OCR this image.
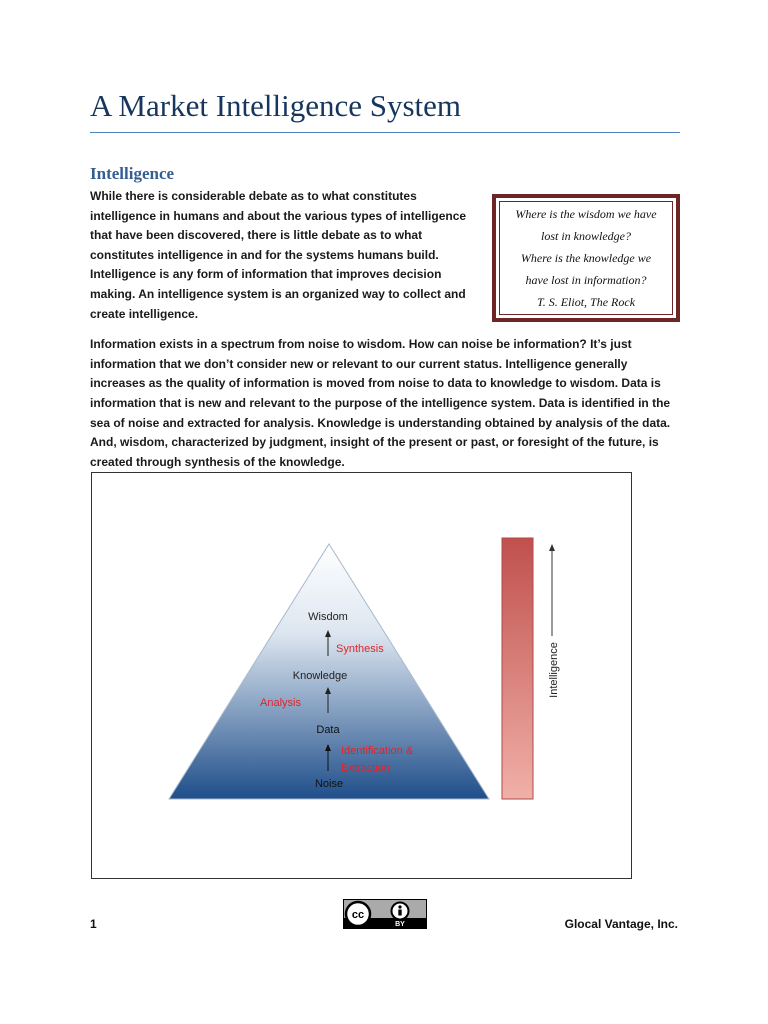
A Market Intelligence System
Intelligence
Where is the wisdom we have
lost in knowledge?
Where is the knowledge we
have lost in information?
T. S. Eliot, The Rock

While there is considerable debate as to what constitutes intelligence in humans and about the various types of intelligence that have been discovered, there is little debate as to what constitutes intelligence in and for the systems humans build. Intelligence is any form of information that improves decision making. An intelligence system is an organized way to collect and create intelligence.

Information exists in a spectrum from noise to wisdom. How can noise be information? It’s just information that we don’t consider new or relevant to our current status. Intelligence generally increases as the quality of information is moved from noise to data to knowledge to wisdom. Data is information that is new and relevant to the purpose of the intelligence system. Data is identified in the sea of noise and extracted for analysis. Knowledge is understanding obtained by analysis of the data. And, wisdom, characterized by judgment, insight of the present or past, or foresight of the future, is created through synthesis of the knowledge.

Wisdom
Synthesis
Knowledge
Analysis
Data
Identification &
Extraction
Noise
Intelligence
1
cc
BY	Glocal Vantage, Inc.
